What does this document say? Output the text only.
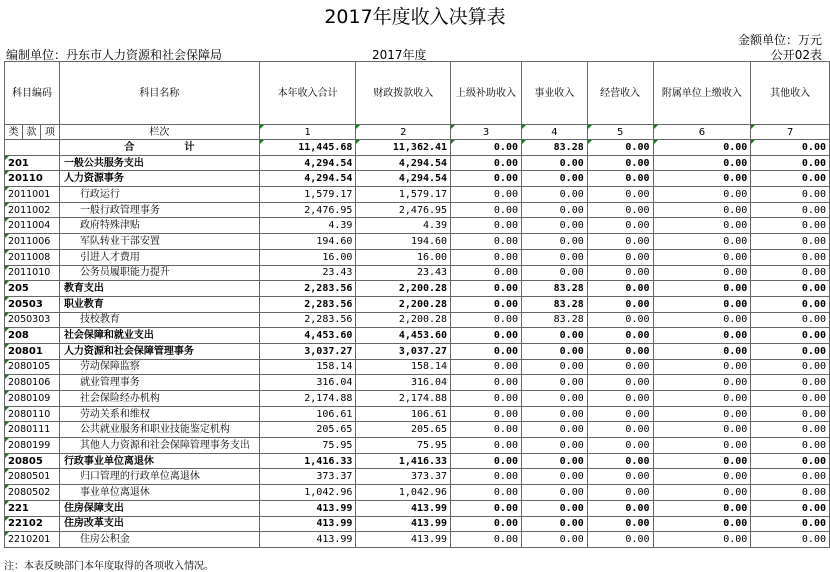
2017年度收入决算表
金额单位：万元
编制单位：丹东市人力资源和社会保障局	2017年度	公开02表
科目编码			科目名称	本年收入合计	财政拨款收入	上级补助收入	事业收入	经营收入	附属单位上缴收入	其他收入
类	款	项	栏次	1	2	3	4	5	6	7
			合　　　　　计	11,445.68	11,362.41	0.00	83.28	0.00	0.00	0.00
201			一般公共服务支出	4,294.54	4,294.54	0.00	0.00	0.00	0.00	0.00
20110			人力资源事务	4,294.54	4,294.54	0.00	0.00	0.00	0.00	0.00
2011001			行政运行	1,579.17	1,579.17	0.00	0.00	0.00	0.00	0.00
2011002			一般行政管理事务	2,476.95	2,476.95	0.00	0.00	0.00	0.00	0.00
2011004			政府特殊津贴	4.39	4.39	0.00	0.00	0.00	0.00	0.00
2011006			军队转业干部安置	194.60	194.60	0.00	0.00	0.00	0.00	0.00
2011008			引进人才费用	16.00	16.00	0.00	0.00	0.00	0.00	0.00
2011010			公务员履职能力提升	23.43	23.43	0.00	0.00	0.00	0.00	0.00
205			教育支出	2,283.56	2,200.28	0.00	83.28	0.00	0.00	0.00
20503			职业教育	2,283.56	2,200.28	0.00	83.28	0.00	0.00	0.00
2050303			技校教育	2,283.56	2,200.28	0.00	83.28	0.00	0.00	0.00
208			社会保障和就业支出	4,453.60	4,453.60	0.00	0.00	0.00	0.00	0.00
20801			人力资源和社会保障管理事务	3,037.27	3,037.27	0.00	0.00	0.00	0.00	0.00
2080105			劳动保障监察	158.14	158.14	0.00	0.00	0.00	0.00	0.00
2080106			就业管理事务	316.04	316.04	0.00	0.00	0.00	0.00	0.00
2080109			社会保险经办机构	2,174.88	2,174.88	0.00	0.00	0.00	0.00	0.00
2080110			劳动关系和维权	106.61	106.61	0.00	0.00	0.00	0.00	0.00
2080111			公共就业服务和职业技能鉴定机构	205.65	205.65	0.00	0.00	0.00	0.00	0.00
2080199			其他人力资源和社会保障管理事务支出	75.95	75.95	0.00	0.00	0.00	0.00	0.00
20805			行政事业单位离退休	1,416.33	1,416.33	0.00	0.00	0.00	0.00	0.00
2080501			归口管理的行政单位离退休	373.37	373.37	0.00	0.00	0.00	0.00	0.00
2080502			事业单位离退休	1,042.96	1,042.96	0.00	0.00	0.00	0.00	0.00
221			住房保障支出	413.99	413.99	0.00	0.00	0.00	0.00	0.00
22102			住房改革支出	413.99	413.99	0.00	0.00	0.00	0.00	0.00
2210201			住房公积金	413.99	413.99	0.00	0.00	0.00	0.00	0.00
注：本表反映部门本年度取得的各项收入情况。
